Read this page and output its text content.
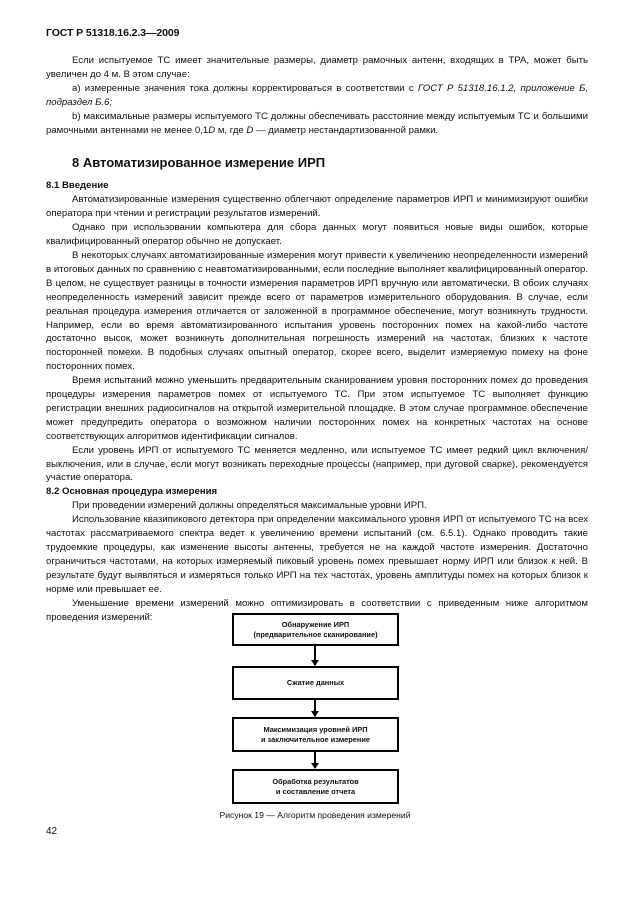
ГОСТ Р 51318.16.2.3—2009

Если испытуемое ТС имеет значительные размеры, диаметр рамочных антенн, входящих в ТРА, может быть увеличен до 4 м. В этом случае:

а) измеренные значения тока должны корректироваться в соответствии с ГОСТ Р 51318.16.1.2, приложение Б, подраздел Б.6;

b) максимальные размеры испытуемого ТС должны обеспечивать расстояние между испытуемым ТС и большими рамочными антеннами не менее 0,1D м, где D — диаметр нестандартизованной рамки.

8 Автоматизированное измерение ИРП

8.1 Введение

Автоматизированные измерения существенно облегчают определение параметров ИРП и минимизируют ошибки оператора при чтении и регистрации результатов измерений.

Однако при использовании компьютера для сбора данных могут появиться новые виды ошибок, которые квалифицированный оператор обычно не допускает.

В некоторых случаях автоматизированные измерения могут привести к увеличению неопределенности измерений в итоговых данных по сравнению с неавтоматизированными, если последние выполняет квалифицированный оператор. В целом, не существует разницы в точности измерения параметров ИРП вручную или автоматически. В обоих случаях неопределенность измерений зависит прежде всего от параметров измерительного оборудования. В случае, если реальная процедура измерения отличается от заложенной в программное обеспечение, могут возникнуть трудности. Например, если во время автоматизированного испытания уровень посторонних помех на какой-либо частоте достаточно высок, может возникнуть дополнительная погрешность измерений на частотах, близких к частоте посторонней помехи. В подобных случаях опытный оператор, скорее всего, выделит измеряемую помеху на фоне посторонних помех.

Время испытаний можно уменьшить предварительным сканированием уровня посторонних помех до проведения процедуры измерения параметров помех от испытуемого ТС. При этом испытуемое ТС выполняет функцию регистрации внешних радиосигналов на открытой измерительной площадке. В этом случае программное обеспечение может предупредить оператора о возможном наличии посторонних помех на конкретных частотах на основе соответствующих алгоритмов идентификации сигналов.

Если уровень ИРП от испытуемого ТС меняется медленно, или испытуемое ТС имеет редкий цикл включения/выключения, или в случае, если могут возникать переходные процессы (например, при дуговой сварке), рекомендуется участие оператора.

8.2 Основная процедура измерения

При проведении измерений должны определяться максимальные уровни ИРП.

Использование квазипикового детектора при определении максимального уровня ИРП от испытуемого ТС на всех частотах рассматриваемого спектра ведет к увеличению времени испытаний (см. 6.5.1). Однако проводить такие трудоемкие процедуры, как изменение высоты антенны, требуется не на каждой частоте измерения. Достаточно ограничиться частотами, на которых измеряемый пиковый уровень помех превышает норму ИРП или близок к ней. В результате будут выявляться и измеряться только ИРП на тех частотах, уровень амплитуды помех на которых близок к норме или превышает ее.

Уменьшение времени измерений можно оптимизировать в соответствии с приведенным ниже алгоритмом проведения измерений:

Обнаружение ИРП
(предварительное сканирование)
Сжатие данных
Максимизация уровней ИРП
и заключительное измерение
Обработка результатов
и составление отчета
Рисунок 19 — Алгоритм проведения измерений
42
